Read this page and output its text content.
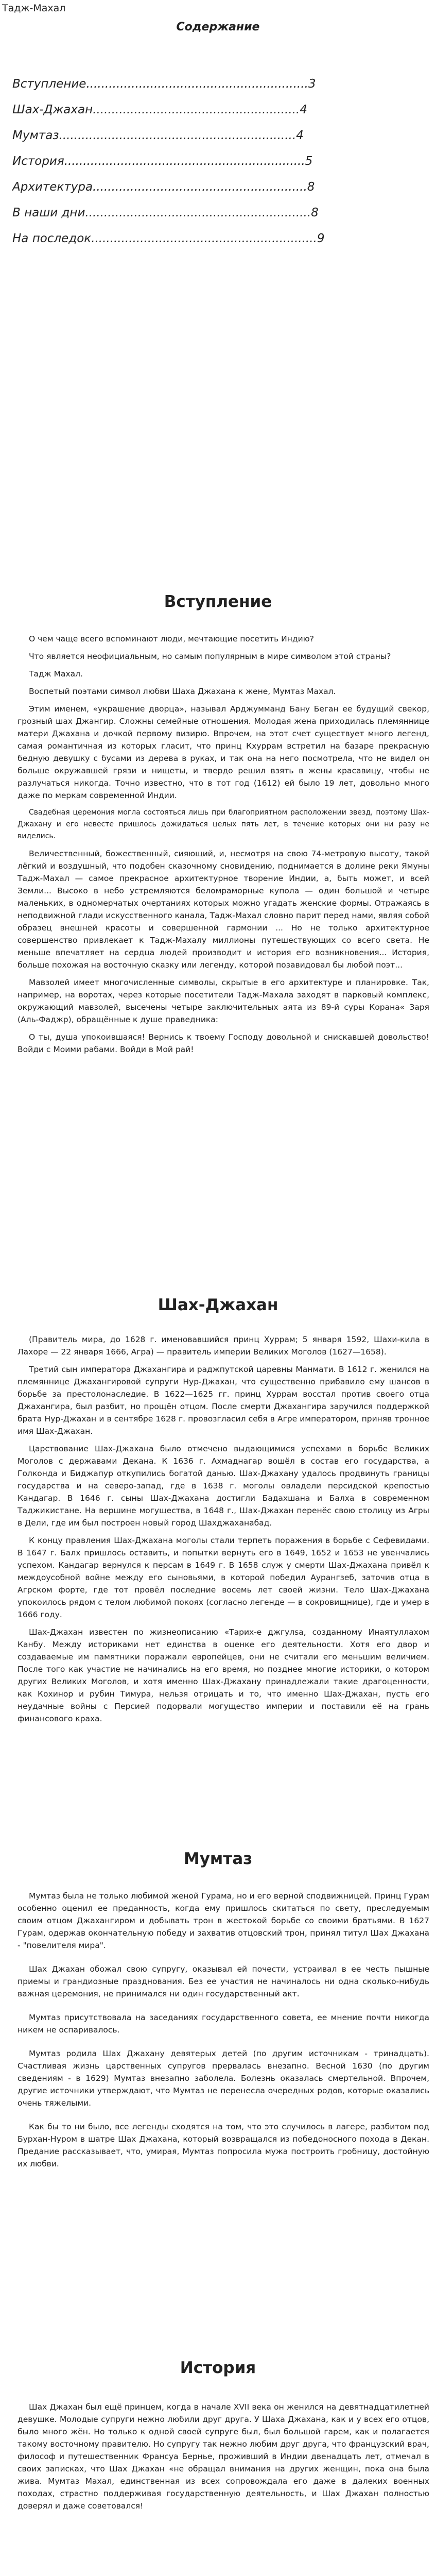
Тадж-Махал
Содержание
Вступление ........................................................... 3
Шах-Джахан ....................................................... 4
Мумтаз ............................................................... 4
История ................................................................ 5
Архитектура ......................................................... 8
В наши дни ............................................................ 8
На последок ............................................................ 9
Вступление

О чем чаще всего вспоминают люди, мечтающие посетить Индию?

Что является неофициальным, но самым популярным в мире символом этой страны?

Тадж Махал.

Воспетый поэтами символ любви Шаха Джахана к жене, Мумтаз Махал.

Этим именем, «украшение дворца», называл Арджумманд Бану Беган ее будущий свекор, грозный шах Джангир. Сложны семейные отношения. Молодая жена приходилась племяннице матери Джахана и дочкой первому визирю. Впрочем, на этот счет существует много легенд, самая романтичная из которых гласит, что принц Кхуррам встретил на базаре прекрасную бедную девушку с бусами из дерева в руках, и так она на него посмотрела, что не видел он больше окружавшей грязи и нищеты, и твердо решил взять в жены красавицу, чтобы не разлучаться никогда. Точно известно, что в тот год (1612) ей было 19 лет, довольно много даже по меркам современной Индии.

Свадебная церемония могла состояться лишь при благоприятном расположении звезд, поэтому Шах-Джахану и его невесте пришлось дожидаться целых пять лет, в течение которых они ни разу не виделись.

Величественный, божественный, сияющий, и, несмотря на свою 74-метровую высоту, такой лёгкий и воздушный, что подобен сказочному сновидению, поднимается в долине реки Ямуны Тадж-Махал — самое прекрасное архитектурное творение Индии, а, быть может, и всей Земли... Высоко в небо устремляются беломраморные купола — один большой и четыре маленьких, в одномерчатых очертаниях которых можно угадать женские формы. Отражаясь в неподвижной глади искусственного канала, Тадж-Махал словно парит перед нами, являя собой образец внешней красоты и совершенной гармонии ... Но не только архитектурное совершенство привлекает к Тадж-Махалу миллионы путешествующих со всего света. Не меньше впечатляет на сердца людей производит и история его возникновения... История, больше похожая на восточную сказку или легенду, которой позавидовал бы любой поэт...

Мавзолей имеет многочисленные символы, скрытые в его архитектуре и планировке. Так, например, на воротах, через которые посетители Тадж-Махала заходят в парковый комплекс, окружающий мавзолей, высечены четыре заключительных аята из 89-й суры Корана« Заря (Аль-Фаджр), обращённые к душе праведника:

О ты, душа упокоившаяся! Вернись к твоему Господу довольной и снискавшей довольство! Войди с Моими рабами. Войди в Мой рай!

Шах-Джахан

(Правитель мира, до 1628 г. именовавшийся принц Хуррам; 5 января 1592, Шахи-кила в Лахоре — 22 января 1666, Агра) — правитель империи Великих Моголов (1627—1658).

Третий сын императора Джахангира и раджпутской царевны Манмати. В 1612 г. женился на племяннице Джахангировой супруги Нур-Джахан, что существенно прибавило ему шансов в борьбе за престолонаследие. В 1622—1625 гг. принц Хуррам восстал против своего отца Джахангира, был разбит, но прощён отцом. После смерти Джахангира заручился поддержкой брата Нур-Джахан и в сентябре 1628 г. провозгласил себя в Агре императором, приняв тронное имя Шах-Джахан.

Царствование Шах-Джахана было отмечено выдающимися успехами в борьбе Великих Моголов с державами Декана. К 1636 г. Ахмаднагар вошёл в состав его государства, а Голконда и Биджапур откупились богатой данью. Шах-Джахану удалось продвинуть границы государства и на северо-запад, где в 1638 г. моголы овладели персидской крепостью Кандагар. В 1646 г. сыны Шах-Джахана достигли Бадахшана и Балха в современном Таджикистане. На вершине могущества, в 1648 г., Шах-Джахан перенёс свою столицу из Агры в Дели, где им был построен новый город Шахджаханабад.

К концу правления Шах-Джахана моголы стали терпеть поражения в борьбе с Сефевидами. В 1647 г. Балх пришлось оставить, и попытки вернуть его в 1649, 1652 и 1653 не увенчались успехом. Кандагар вернулся к персам в 1649 г. В 1658 служ у смерти Шах-Джахана привёл к междоусобной войне между его сыновьями, в которой победил Аурангзеб, заточив отца в Агрском форте, где тот провёл последние восемь лет своей жизни. Тело Шах-Джахана упокоилось рядом с телом любимой покоях (согласно легенде — в сокровищнице), где и умер в 1666 году.

Шах-Джахан известен по жизнеописанию «Тарих-е джгулsa, созданному Инаятуллахом Канбу. Между историками нет единства в оценке его деятельности. Хотя его двор и создаваемые им памятники поражали европейцев, они не считали его меньшим величием. После того как участие не начинались на его время, но позднее многие историки, о котором других Великих Моголов, и хотя именно Шах-Джахану принадлежали такие драгоценности, как Кохинор и рубин Тимура, нельзя отрицать и то, что именно Шах-Джахан, пусть его неудачные войны с Персией подорвали могущество империи и поставили её на грань финансового краха.

Мумтаз

Мумтаз была не только любимой женой Гурама, но и его верной сподвижницей. Принц Гурам особенно оценил ее преданность, когда ему пришлось скитаться по свету, преследуемым своим отцом Джахангиром и добывать трон в жестокой борьбе со своими братьями. В 1627 Гурам, одержав окончательную победу и захватив отцовский трон, принял титул Шах Джахана - "повелителя мира".

Шах Джахан обожал свою супругу, оказывал ей почести, устраивал в ее честь пышные приемы и грандиозные празднования. Без ее участия не начиналось ни одна сколько-нибудь важная церемония, не принимался ни один государственный акт.

Мумтаз присутствовала на заседаниях государственного совета, ее мнение почти никогда никем не оспаривалось.

Мумтаз родила Шах Джахану девятерых детей (по другим источникам - тринадцать). Счастливая жизнь царственных супругов прервалась внезапно. Весной 1630 (по другим сведениям - в 1629) Мумтаз внезапно заболела. Болезнь оказалась смертельной. Впрочем, другие источники утверждают, что Мумтаз не перенесла очередных родов, которые оказались очень тяжелыми.

Как бы то ни было, все легенды сходятся на том, что это случилось в лагере, разбитом под Бурхан-Нуром в шатре Шах Джахана, который возвращался из победоносного похода в Декан. Предание рассказывает, что, умирая, Мумтаз попросила мужа построить гробницу, достойную их любви.

История

Шах Джахан был ещё принцем, когда в начале XVII века он женился на девятнадцатилетней девушке. Молодые супруги нежно любили друг друга. У Шаха Джахана, как и у всех его отцов, было много жён. Но только к одной своей супруге был, был большой гарем, как и полагается такому восточному правителю. Но супругу так нежно любим друг друга, что французский врач, философ и путешественник Франсуа Бернье, проживший в Индии двенадцать лет, отмечал в своих записках, что Шах Джахан «не обращал внимания на других женщин, пока она была жива. Мумтаз Махал, единственная из всех сопровождала его даже в далеких военных походах, страстно поддерживая государственную деятельность, и Шах Джахан полностью доверял и даже советовался!
